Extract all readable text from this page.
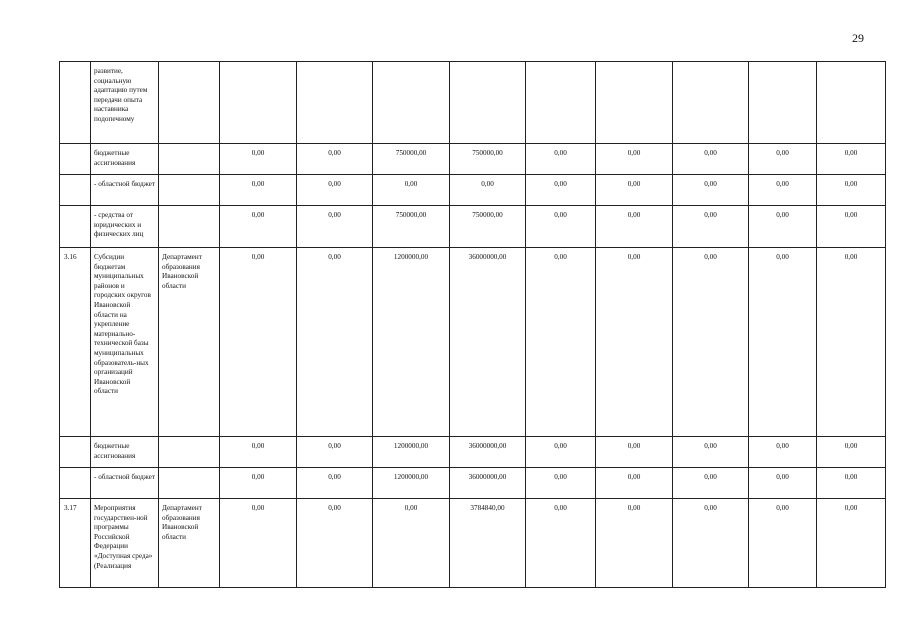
29
	развитие, социальную адаптацию путем передачи опыта наставника подопечному										
	бюджетные ассигнования		0,00	0,00	750000,00	750000,00	0,00	0,00	0,00	0,00	0,00
	- областной бюджет		0,00	0,00	0,00	0,00	0,00	0,00	0,00	0,00	0,00
	- средства от юридических и физических лиц		0,00	0,00	750000,00	750000,00	0,00	0,00	0,00	0,00	0,00
3.16	Субсидии бюджетам муниципальных районов и городских округов Ивановской области на укрепление материально-технической базы муниципальных образователь-ных организаций Ивановской области	Департамент образования Ивановской области	0,00	0,00	1200000,00	36000000,00	0,00	0,00	0,00	0,00	0,00
	бюджетные ассигнования		0,00	0,00	1200000,00	36000000,00	0,00	0,00	0,00	0,00	0,00
	- областной бюджет		0,00	0,00	1200000,00	36000000,00	0,00	0,00	0,00	0,00	0,00
3.17	Мероприятия государствен-ной программы Российской Федерации «Доступная среда» (Реализация	Департамент образования Ивановской области	0,00	0,00	0,00	3784840,00	0,00	0,00	0,00	0,00	0,00
